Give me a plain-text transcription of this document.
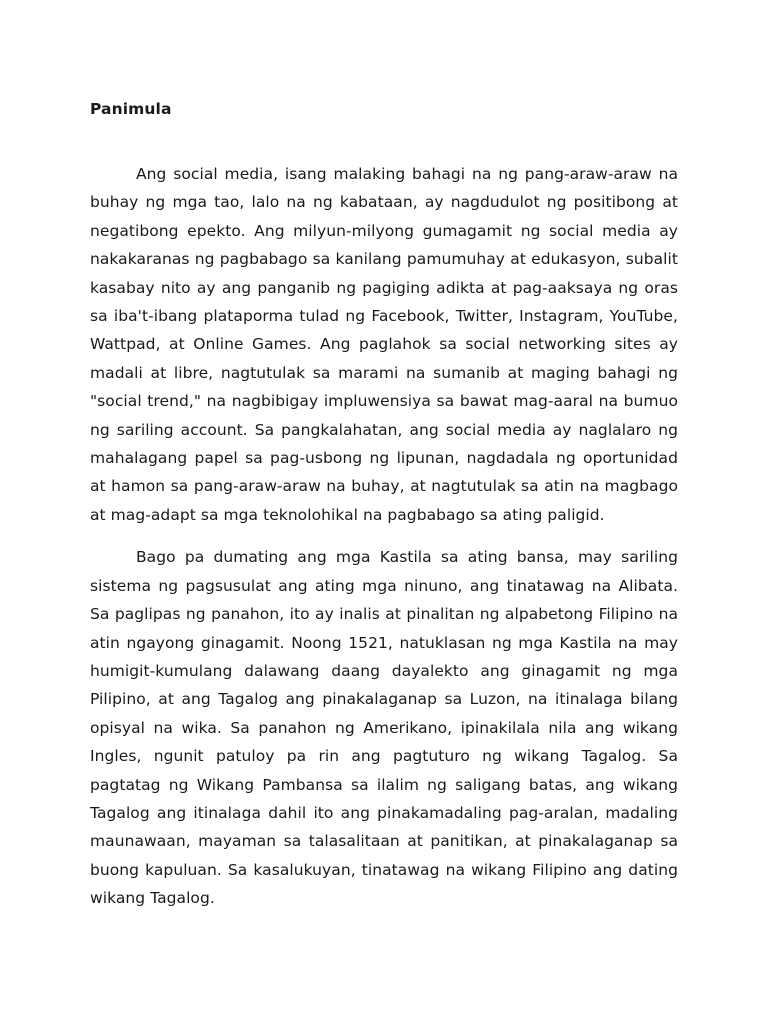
Panimula

Ang social media, isang malaking bahagi na ng pang-araw-araw na buhay ng mga tao, lalo na ng kabataan, ay nagdudulot ng positibong at negatibong epekto. Ang milyun-milyong gumagamit ng social media ay nakakaranas ng pagbabago sa kanilang pamumuhay at edukasyon, subalit kasabay nito ay ang panganib ng pagiging adikta at pag-aaksaya ng oras sa iba't-ibang plataporma tulad ng Facebook, Twitter, Instagram, YouTube, Wattpad, at Online Games. Ang paglahok sa social networking sites ay madali at libre, nagtutulak sa marami na sumanib at maging bahagi ng "social trend," na nagbibigay impluwensiya sa bawat mag-aaral na bumuo ng sariling account. Sa pangkalahatan, ang social media ay naglalaro ng mahalagang papel sa pag-usbong ng lipunan, nagdadala ng oportunidad at hamon sa pang-araw-araw na buhay, at nagtutulak sa atin na magbago at mag-adapt sa mga teknolohikal na pagbabago sa ating paligid.

Bago pa dumating ang mga Kastila sa ating bansa, may sariling sistema ng pagsusulat ang ating mga ninuno, ang tinatawag na Alibata. Sa paglipas ng panahon, ito ay inalis at pinalitan ng alpabetong Filipino na atin ngayong ginagamit. Noong 1521, natuklasan ng mga Kastila na may humigit-kumulang dalawang daang dayalekto ang ginagamit ng mga Pilipino, at ang Tagalog ang pinakalaganap sa Luzon, na itinalaga bilang opisyal na wika. Sa panahon ng Amerikano, ipinakilala nila ang wikang Ingles, ngunit patuloy pa rin ang pagtuturo ng wikang Tagalog. Sa pagtatag ng Wikang Pambansa sa ilalim ng saligang batas, ang wikang Tagalog ang itinalaga dahil ito ang pinakamadaling pag-aralan, madaling maunawaan, mayaman sa talasalitaan at panitikan, at pinakalaganap sa buong kapuluan. Sa kasalukuyan, tinatawag na wikang Filipino ang dating wikang Tagalog.
